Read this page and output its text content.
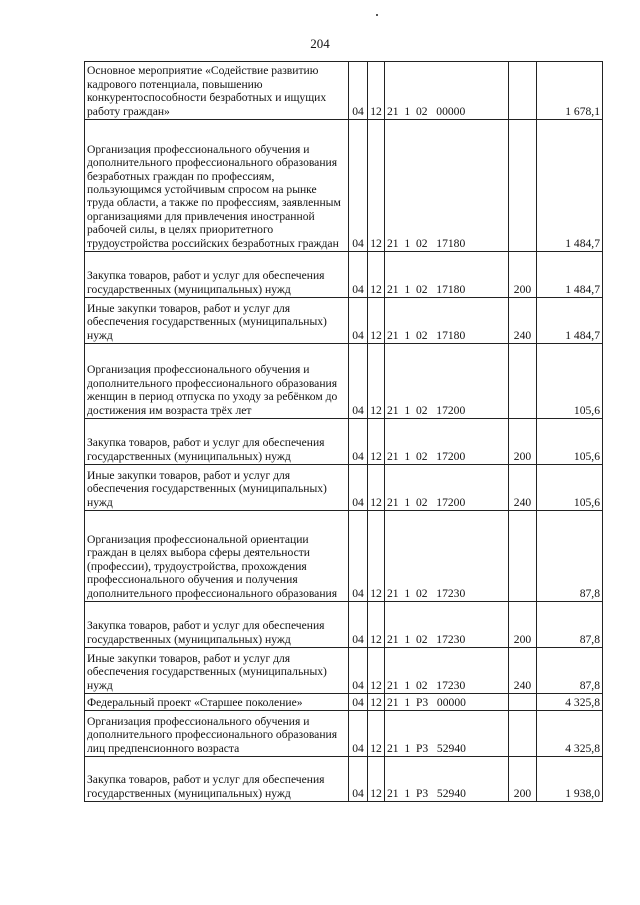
204
Основное мероприятие «Содействие развитию кадрового потенциала, повышению конкурентоспособности безработных и ищущих работу граждан»	04	12	21  1  02   00000		1 678,1
Организация профессионального обучения и дополнительного профессионального образования безработных граждан по профессиям, пользующимся устойчивым спросом на рынке труда области, а также по профессиям, заявленным организациями для привлечения иностранной рабочей силы, в целях приоритетного трудоустройства российских безработных граждан	04	12	21  1  02   17180		1 484,7
Закупка товаров, работ и услуг для обеспечения государственных (муниципальных) нужд	04	12	21  1  02   17180	200	1 484,7
Иные закупки товаров, работ и услуг для обеспечения государственных (муниципальных) нужд	04	12	21  1  02   17180	240	1 484,7
Организация профессионального обучения и дополнительного профессионального образования женщин в период отпуска по уходу за ребёнком до достижения им возраста трёх лет	04	12	21  1  02   17200		105,6
Закупка товаров, работ и услуг для обеспечения государственных (муниципальных) нужд	04	12	21  1  02   17200	200	105,6
Иные закупки товаров, работ и услуг для обеспечения государственных (муниципальных) нужд	04	12	21  1  02   17200	240	105,6
Организация профессиональной ориентации граждан в целях выбора сферы деятельности (профессии), трудоустройства, прохождения профессионального обучения и получения дополнительного профессионального образования	04	12	21  1  02   17230		87,8
Закупка товаров, работ и услуг для обеспечения государственных (муниципальных) нужд	04	12	21  1  02   17230	200	87,8
Иные закупки товаров, работ и услуг для обеспечения государственных (муниципальных) нужд	04	12	21  1  02   17230	240	87,8
Федеральный проект «Старшее поколение»	04	12	21  1  Р3   00000		4 325,8
Организация профессионального обучения и дополнительного профессионального образования лиц предпенсионного возраста	04	12	21  1  Р3   52940		4 325,8
Закупка товаров, работ и услуг для обеспечения государственных (муниципальных) нужд	04	12	21  1  Р3   52940	200	1 938,0
